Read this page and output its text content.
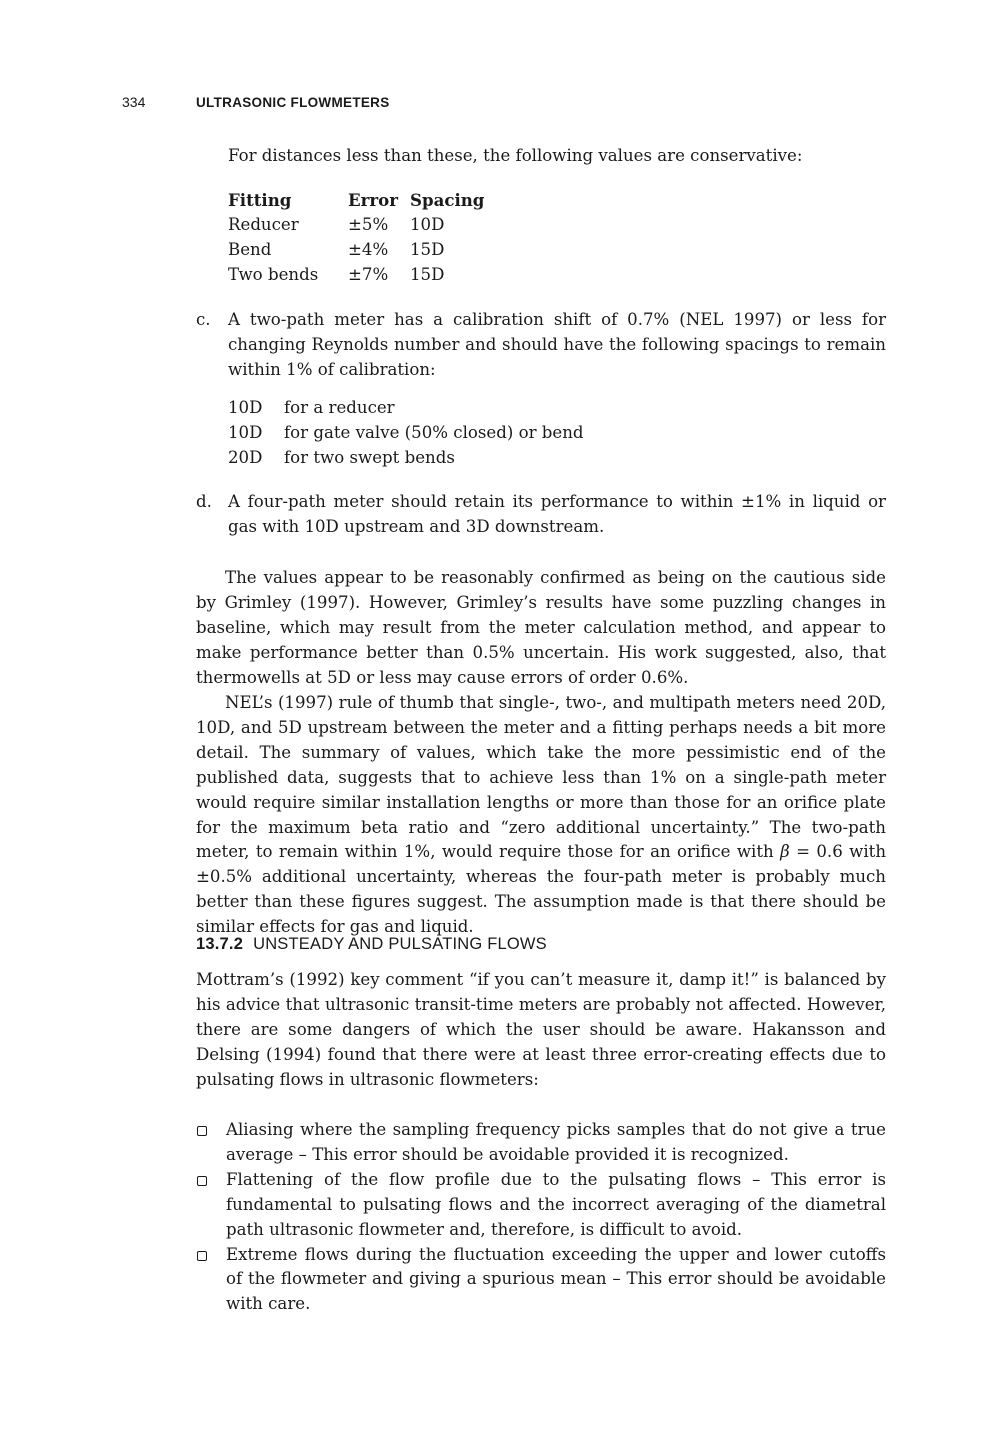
334	ULTRASONIC FLOWMETERS
For distances less than these, the following values are conservative:
Fitting	Error	Spacing
Reducer	±5%	10D
Bend	±4%	15D
Two bends	±7%	15D
c.	A two-path meter has a calibration shift of 0.7% (NEL 1997) or less for changing Reynolds number and should have the following spacings to remain within 1% of calibration:
10D	for a reducer
10D	for gate valve (50% closed) or bend
20D	for two swept bends
d. A four-path meter should retain its performance to within ±1% in liquid or gas with 10D upstream and 3D downstream.
The values appear to be reasonably confirmed as being on the cautious side by Grimley (1997). However, Grimley’s results have some puzzling changes in baseline, which may result from the meter calculation method, and appear to make performance better than 0.5% uncertain. His work suggested, also, that thermowells at 5D or less may cause errors of order 0.6%.
NEL’s (1997) rule of thumb that single-, two-, and multipath meters need 20D, 10D, and 5D upstream between the meter and a fitting perhaps needs a bit more detail. The summary of values, which take the more pessimistic end of the published data, suggests that to achieve less than 1% on a single-path meter would require similar installation lengths or more than those for an orifice plate for the maximum beta ratio and “zero additional uncertainty.” The two-path meter, to remain within 1%, would require those for an orifice with β = 0.6 with ±0.5% additional uncertainty, whereas the four-path meter is probably much better than these figures suggest. The assumption made is that there should be similar effects for gas and liquid.
13.7.2 UNSTEADY AND PULSATING FLOWS
Mottram’s (1992) key comment “if you can’t measure it, damp it!” is balanced by his advice that ultrasonic transit-time meters are probably not affected. However, there are some dangers of which the user should be aware. Hakansson and Delsing (1994) found that there were at least three error-creating effects due to pulsating flows in ultrasonic flowmeters:
Aliasing where the sampling frequency picks samples that do not give a true average – This error should be avoidable provided it is recognized.
Flattening of the flow profile due to the pulsating flows – This error is fundamental to pulsating flows and the incorrect averaging of the diametral path ultrasonic flowmeter and, therefore, is difficult to avoid.
Extreme flows during the fluctuation exceeding the upper and lower cutoffs of the flowmeter and giving a spurious mean – This error should be avoidable with care.
